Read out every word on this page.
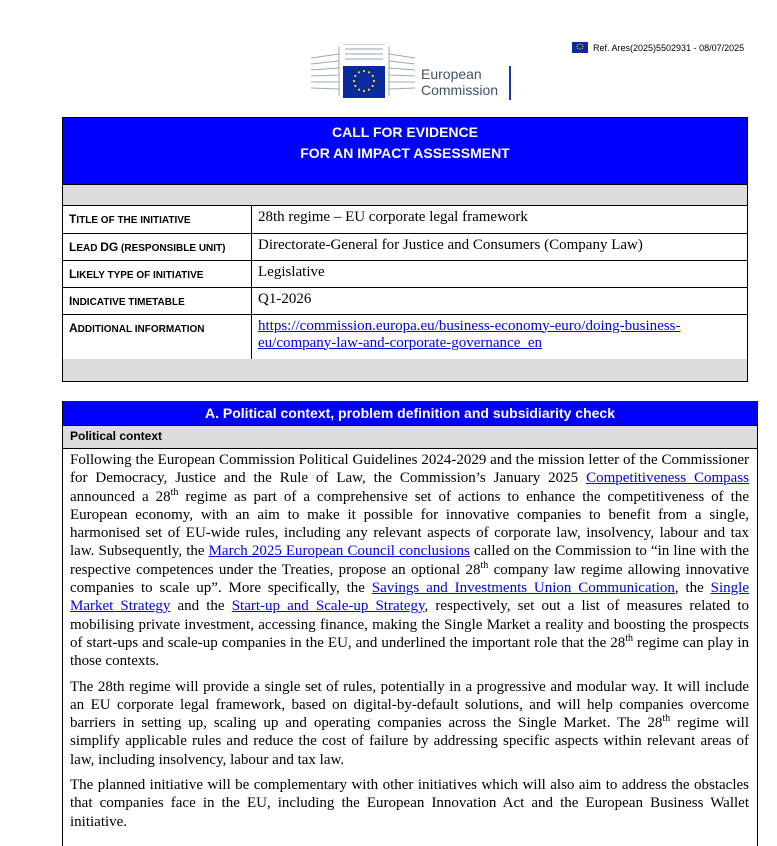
Ref. Ares(2025)5502931 - 08/07/2025
European
Commission
CALL FOR EVIDENCE
FOR AN IMPACT ASSESSMENT
TITLE OF THE INITIATIVE	28th regime – EU corporate legal framework
LEAD DG (RESPONSIBLE UNIT)	Directorate-General for Justice and Consumers (Company Law)
LIKELY TYPE OF INITIATIVE	Legislative
INDICATIVE TIMETABLE	Q1-2026
ADDITIONAL INFORMATION	https://commission.europa.eu/business-economy-euro/doing-business-
eu/company-law-and-corporate-governance_en
A. Political context, problem definition and subsidiarity check
Political context

Following the European Commission Political Guidelines 2024-2029 and the mission letter of the Commissioner for Democracy, Justice and the Rule of Law, the Commission’s January 2025 Competitiveness Compass announced a 28th regime as part of a comprehensive set of actions to enhance the competitiveness of the European economy, with an aim to make it possible for innovative companies to benefit from a single, harmonised set of EU-wide rules, including any relevant aspects of corporate law, insolvency, labour and tax law. Subsequently, the March 2025 European Council conclusions called on the Commission to “in line with the respective competences under the Treaties, propose an optional 28th company law regime allowing innovative companies to scale up”. More specifically, the Savings and Investments Union Communication, the Single Market Strategy and the Start-up and Scale-up Strategy, respectively, set out a list of measures related to mobilising private investment, accessing finance, making the Single Market a reality and boosting the prospects of start-ups and scale-up companies in the EU, and underlined the important role that the 28th regime can play in those contexts.

The 28th regime will provide a single set of rules, potentially in a progressive and modular way. It will include an EU corporate legal framework, based on digital-by-default solutions, and will help companies overcome barriers in setting up, scaling up and operating companies across the Single Market. The 28th regime will simplify applicable rules and reduce the cost of failure by addressing specific aspects within relevant areas of law, including insolvency, labour and tax law.

The planned initiative will be complementary with other initiatives which will also aim to address the obstacles that companies face in the EU, including the European Innovation Act and the European Business Wallet initiative.
